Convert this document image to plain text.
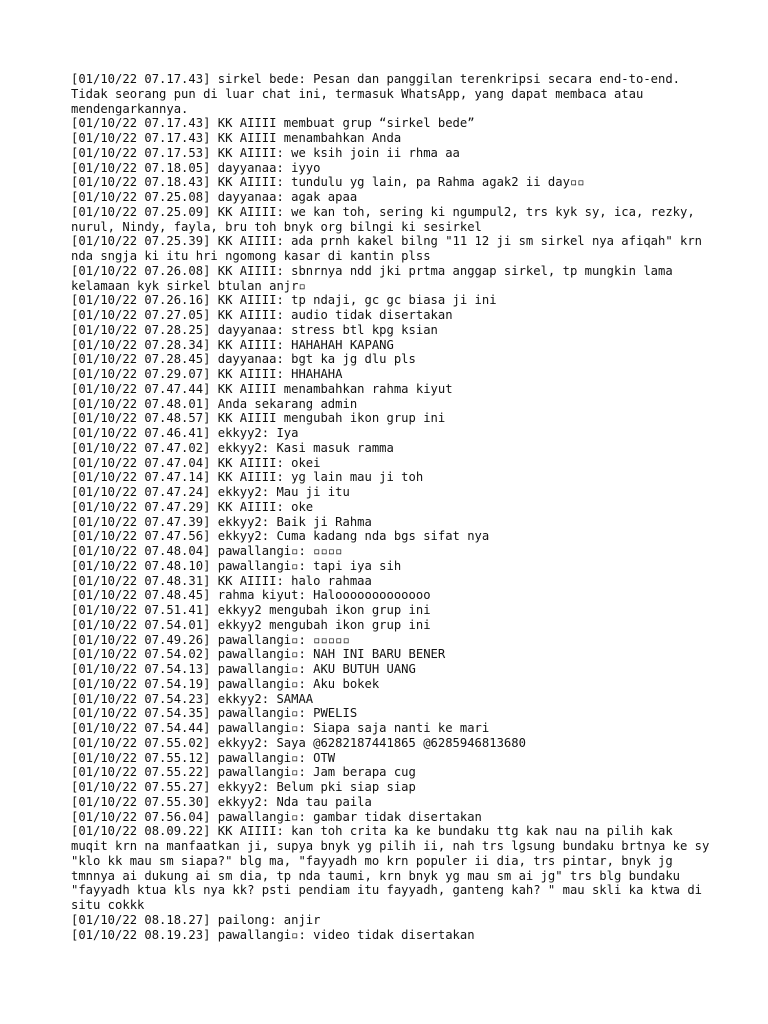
[01/10/22 07.17.43] sirkel bede: Pesan dan panggilan terenkripsi secara end-to-end. Tidak seorang pun di luar chat ini, termasuk WhatsApp, yang dapat membaca atau mendengarkannya.
[01/10/22 07.17.43] KK AIIII membuat grup “sirkel bede”
[01/10/22 07.17.43] KK AIIII menambahkan Anda
[01/10/22 07.17.53] KK AIIII: we ksih join ii rhma aa
[01/10/22 07.18.05] dayyanaa: iyyo
[01/10/22 07.18.43] KK AIIII: tundulu yg lain, pa Rahma agak2 ii day▫▫
[01/10/22 07.25.08] dayyanaa: agak apaa
[01/10/22 07.25.09] KK AIIII: we kan toh, sering ki ngumpul2, trs kyk sy, ica, rezky, nurul, Nindy, fayla, bru toh bnyk org bilngi ki sesirkel
[01/10/22 07.25.39] KK AIIII: ada prnh kakel bilng "11 12 ji sm sirkel nya afiqah" krn nda sngja ki itu hri ngomong kasar di kantin plss
[01/10/22 07.26.08] KK AIIII: sbnrnya ndd jki prtma anggap sirkel, tp mungkin lama kelamaan kyk sirkel btulan anjr▫
[01/10/22 07.26.16] KK AIIII: tp ndaji, gc gc biasa ji ini
[01/10/22 07.27.05] KK AIIII: audio tidak disertakan
[01/10/22 07.28.25] dayyanaa: stress btl kpg ksian
[01/10/22 07.28.34] KK AIIII: HAHAHAH KAPANG
[01/10/22 07.28.45] dayyanaa: bgt ka jg dlu pls
[01/10/22 07.29.07] KK AIIII: HHAHAHA
[01/10/22 07.47.44] KK AIIII menambahkan rahma kiyut
[01/10/22 07.48.01] Anda sekarang admin
[01/10/22 07.48.57] KK AIIII mengubah ikon grup ini
[01/10/22 07.46.41] ekkyy2: Iya
[01/10/22 07.47.02] ekkyy2: Kasi masuk ramma
[01/10/22 07.47.04] KK AIIII: okei
[01/10/22 07.47.14] KK AIIII: yg lain mau ji toh
[01/10/22 07.47.24] ekkyy2: Mau ji itu
[01/10/22 07.47.29] KK AIIII: oke
[01/10/22 07.47.39] ekkyy2: Baik ji Rahma
[01/10/22 07.47.56] ekkyy2: Cuma kadang nda bgs sifat nya
[01/10/22 07.48.04] pawallangi▫: ▫▫▫▫
[01/10/22 07.48.10] pawallangi▫: tapi iya sih
[01/10/22 07.48.31] KK AIIII: halo rahmaa
[01/10/22 07.48.45] rahma kiyut: Halooooooooooooo
[01/10/22 07.51.41] ekkyy2 mengubah ikon grup ini
[01/10/22 07.54.01] ekkyy2 mengubah ikon grup ini
[01/10/22 07.49.26] pawallangi▫: ▫▫▫▫▫
[01/10/22 07.54.02] pawallangi▫: NAH INI BARU BENER
[01/10/22 07.54.13] pawallangi▫: AKU BUTUH UANG
[01/10/22 07.54.19] pawallangi▫: Aku bokek
[01/10/22 07.54.23] ekkyy2: SAMAA
[01/10/22 07.54.35] pawallangi▫: PWELIS
[01/10/22 07.54.44] pawallangi▫: Siapa saja nanti ke mari
[01/10/22 07.55.02] ekkyy2: Saya @6282187441865 @6285946813680
[01/10/22 07.55.12] pawallangi▫: OTW
[01/10/22 07.55.22] pawallangi▫: Jam berapa cug
[01/10/22 07.55.27] ekkyy2: Belum pki siap siap
[01/10/22 07.55.30] ekkyy2: Nda tau paila
[01/10/22 07.56.04] pawallangi▫: gambar tidak disertakan
[01/10/22 08.09.22] KK AIIII: kan toh crita ka ke bundaku ttg kak nau na pilih kak muqit krn na manfaatkan ji, supya bnyk yg pilih ii, nah trs lgsung bundaku brtnya ke sy "klo kk mau sm siapa?" blg ma, "fayyadh mo krn populer ii dia, trs pintar, bnyk jg tmnnya ai dukung ai sm dia, tp nda taumi, krn bnyk yg mau sm ai jg" trs blg bundaku "fayyadh ktua kls nya kk? psti pendiam itu fayyadh, ganteng kah? " mau skli ka ktwa di situ cokkk
[01/10/22 08.18.27] pailong: anjir
[01/10/22 08.19.23] pawallangi▫: video tidak disertakan
